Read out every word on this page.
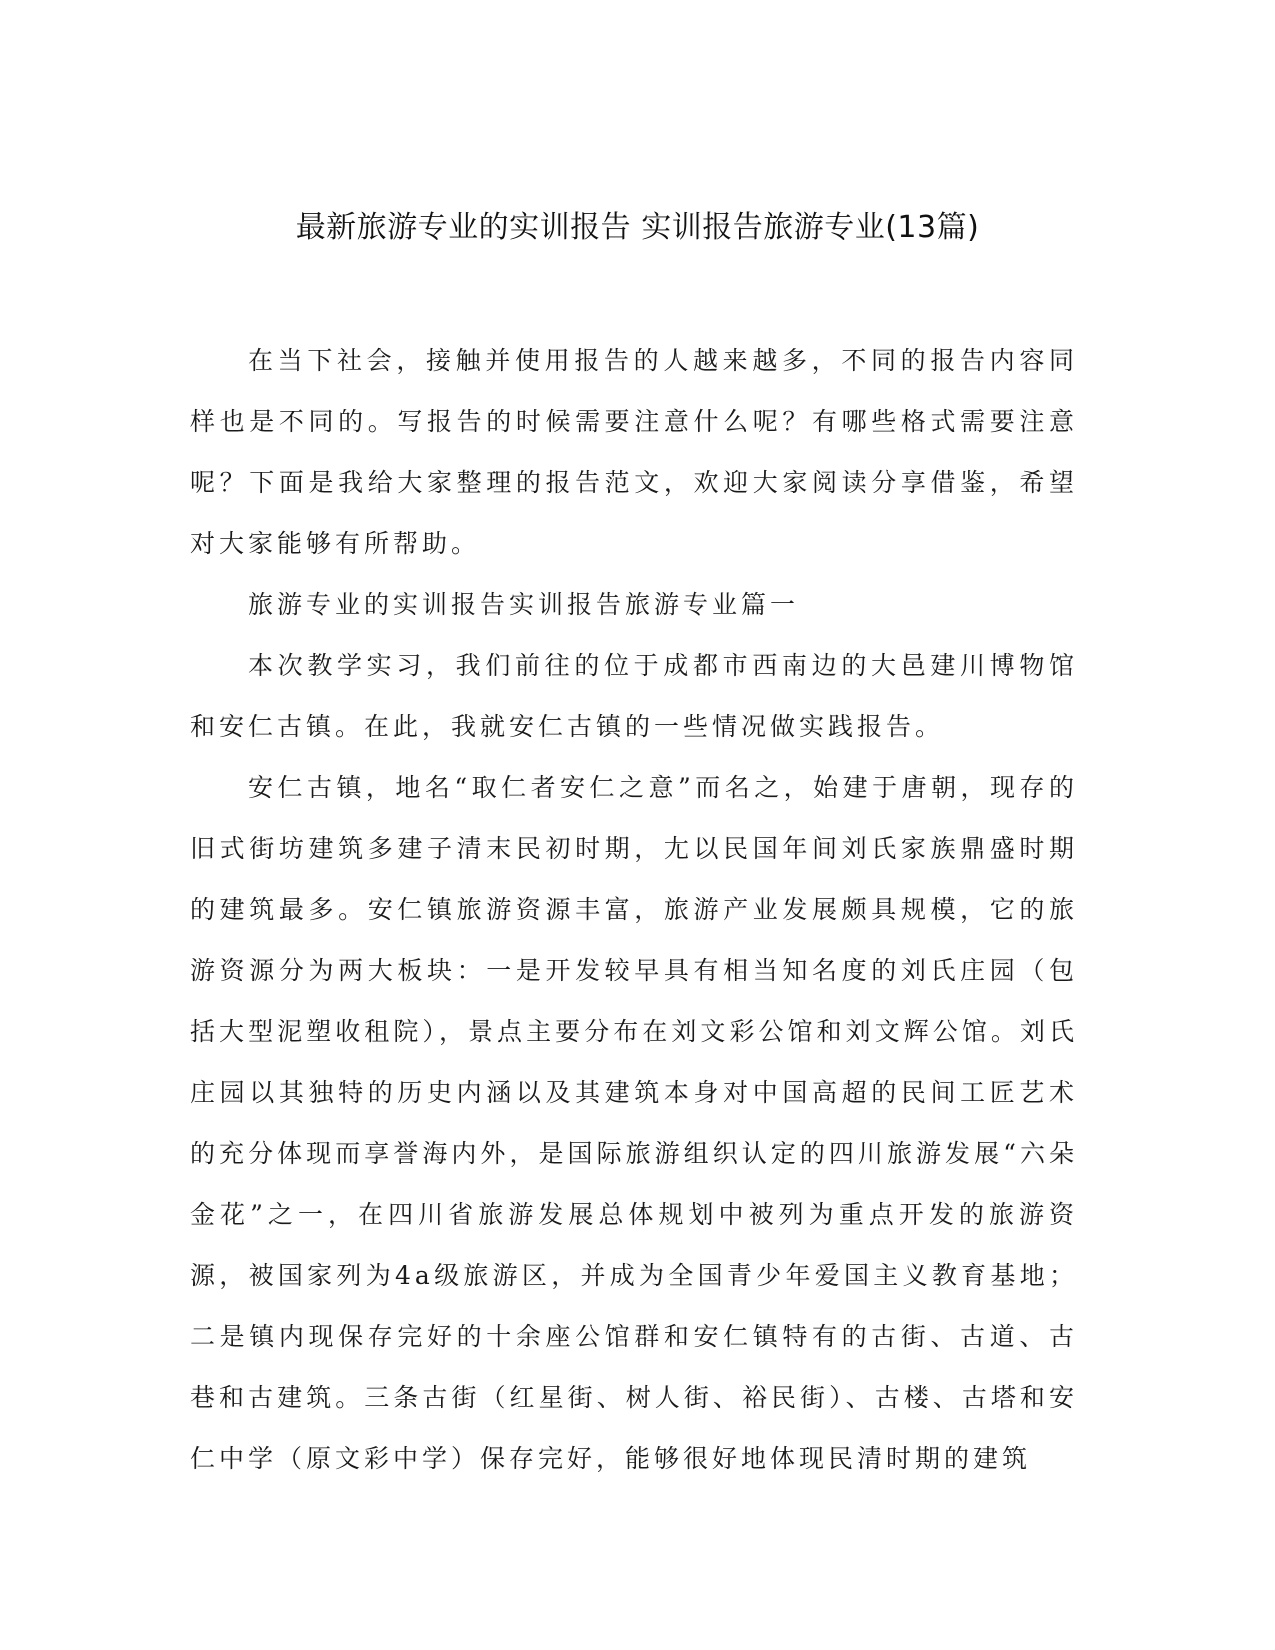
最新旅游专业的实训报告 实训报告旅游专业(13篇)

在当下社会，接触并使用报告的人越来越多，不同的报告内容同样也是不同的。写报告的时候需要注意什么呢？有哪些格式需要注意呢？下面是我给大家整理的报告范文，欢迎大家阅读分享借鉴，希望对大家能够有所帮助。

旅游专业的实训报告实训报告旅游专业篇一

本次教学实习，我们前往的位于成都市西南边的大邑建川博物馆和安仁古镇。在此，我就安仁古镇的一些情况做实践报告。

安仁古镇，地名“取仁者安仁之意”而名之，始建于唐朝，现存的旧式街坊建筑多建子清末民初时期，尢以民国年间刘氏家族鼎盛时期的建筑最多。安仁镇旅游资源丰富，旅游产业发展颇具规模，它的旅游资源分为两大板块：一是开发较早具有相当知名度的刘氏庄园（包括大型泥塑收租院），景点主要分布在刘文彩公馆和刘文辉公馆。刘氏庄园以其独特的历史内涵以及其建筑本身对中国高超的民间工匠艺术的充分体现而享誉海内外，是国际旅游组织认定的四川旅游发展“六朵金花”之一，在四川省旅游发展总体规划中被列为重点开发的旅游资源，被国家列为4a级旅游区，并成为全国青少年爱国主义教育基地；二是镇内现保存完好的十余座公馆群和安仁镇特有的古街、古道、古巷和古建筑。三条古街（红星街、树人街、裕民街）、古楼、古塔和安仁中学（原文彩中学）保存完好，能够很好地体现民清时期的建筑
